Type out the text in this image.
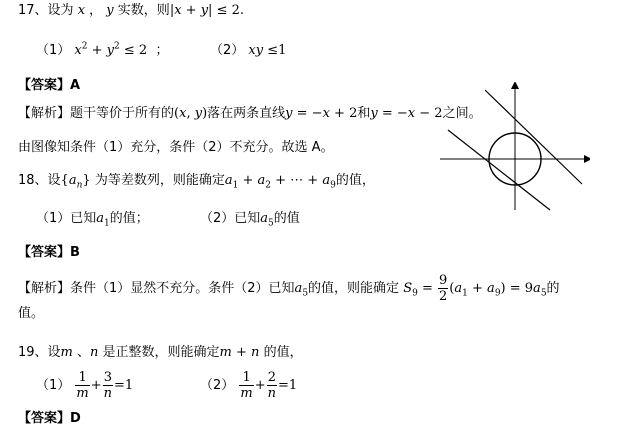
17、设为 x ， y 实数，则|x + y| ≤ 2.
（1） $x^2 + y^2 \le 2$  ；	（2） xy ≤1
【答案】A
【解析】题干等价于所有的(x, y)落在两条直线y = −x + 2和y = −x − 2之间。
由图像知条件（1）充分，条件（2）不充分。故选 A。
18、设$\{a_n\}$ 为等差数列，则能确定$a_1 + a_2$ + ⋯ + $a_9$的值，
（1）已知$a_1$的值；	（2）已知$a_5$的值
【答案】B
【解析】条件（1）显然不充分。条件（2）已知$a_5$的值，则能确定 $S_9 = \frac{9}{2} (a_1 + a_9) = 9a_5$的
值。
19、设m 、n 是正整数，则能确定m + n 的值，
$(1) \frac{1}{m} + \frac{3}{n} =1$	$(2) \frac{1}{m} + \frac{2}{n} =1$
【答案】D
